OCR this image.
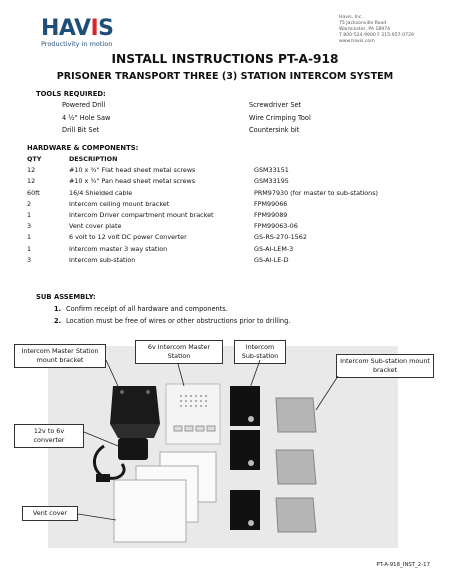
HAVIS
Productivity in motion
Havis, Inc.
75 Jacksonville Road
Warminster, PA 18974
T 800-524-9900 F 215-957-0729
www.havis.com
INSTALL INSTRUCTIONS PT-A-918
PRISONER TRANSPORT THREE (3) STATION INTERCOM SYSTEM
TOOLS REQUIRED:
Powered Drill	Screwdriver Set
4 ½" Hole Saw	Wire Crimping Tool
Drill Bit Set	Countersink bit
HARDWARE & COMPONENTS:
QTY	DESCRIPTION
12	#10 x ¾" Flat head sheet metal screws	GSM33151
12	#10 x ¾" Pan head sheet metal screws	GSM33195
60ft	16/4 Shielded cable	PRM97930 (for master to sub-stations)
2	Intercom ceiling mount bracket	FPM99066
1	Intercom Driver compartment mount bracket	FPM99089
3	Vent cover plate	FPM99063-06
1	6 volt to 12 volt DC power Converter	GS-RS-270-1562
1	Intercom master 3 way station	GS-AI-LEM-3
3	Intercom sub-station	GS-AI-LE-D
SUB ASSEMBLY:
1. Confirm receipt of all hardware and components.
2. Location must be free of wires or other obstructions prior to drilling.
Intercom Master Station mount bracket
6v Intercom Master Station
Intercom Sub-station
Intercom Sub-station mount bracket
12v to 6v converter
Vent cover
PT-A-918_INST_2-17
